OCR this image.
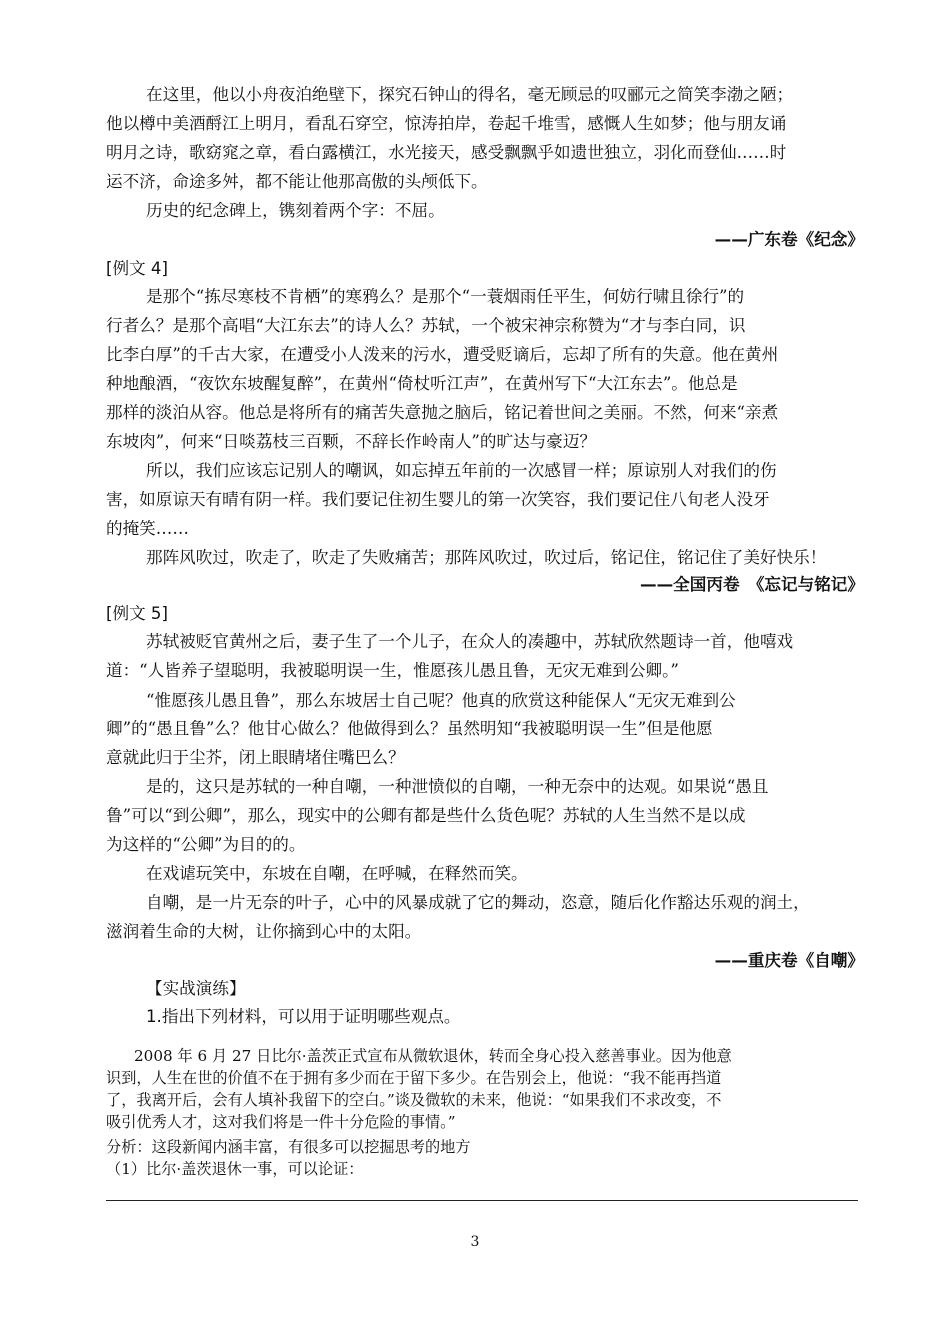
在这里，他以小舟夜泊绝壁下，探究石钟山的得名，毫无顾忌的叹郦元之简笑李渤之陋；
他以樽中美酒酹江上明月，看乱石穿空，惊涛拍岸，卷起千堆雪，感慨人生如梦；他与朋友诵
明月之诗，歌窈窕之章，看白露横江，水光接天，感受飘飘乎如遗世独立，羽化而登仙……时
运不济，命途多舛，都不能让他那高傲的头颅低下。
历史的纪念碑上，镌刻着两个字：不屈。
——广东卷《纪念》
[例文 4]
是那个“拣尽寒枝不肯栖”的寒鸦么？是那个“一蓑烟雨任平生，何妨行啸且徐行”的
行者么？是那个高唱“大江东去”的诗人么？苏轼，一个被宋神宗称赞为“才与李白同，识
比李白厚”的千古大家，在遭受小人泼来的污水，遭受贬谪后，忘却了所有的失意。他在黄州
种地酿酒，“夜饮东坡醒复醉”，在黄州“倚杖听江声”，在黄州写下“大江东去”。他总是
那样的淡泊从容。他总是将所有的痛苦失意抛之脑后，铭记着世间之美丽。不然，何来“亲煮
东坡肉”，何来“日啖荔枝三百颗，不辞长作岭南人”的旷达与豪迈？
所以，我们应该忘记别人的嘲讽，如忘掉五年前的一次感冒一样；原谅别人对我们的伤
害，如原谅天有晴有阴一样。我们要记住初生婴儿的第一次笑容，我们要记住八旬老人没牙
的掩笑……
那阵风吹过，吹走了，吹走了失败痛苦；那阵风吹过，吹过后，铭记住，铭记住了美好快乐！
——全国丙卷　《忘记与铭记》
[例文 5]
苏轼被贬官黄州之后，妻子生了一个儿子，在众人的凑趣中，苏轼欣然题诗一首，他嘻戏
道：“人皆养子望聪明，我被聪明误一生，惟愿孩儿愚且鲁，无灾无难到公卿。”
“惟愿孩儿愚且鲁”，那么东坡居士自己呢？他真的欣赏这种能保人“无灾无难到公
卿”的“愚且鲁”么？他甘心做么？他做得到么？虽然明知“我被聪明误一生”但是他愿
意就此归于尘芥，闭上眼睛堵住嘴巴么？
是的，这只是苏轼的一种自嘲，一种泄愤似的自嘲，一种无奈中的达观。如果说“愚且
鲁”可以“到公卿”，那么，现实中的公卿有都是些什么货色呢？苏轼的人生当然不是以成
为这样的“公卿”为目的的。
在戏谑玩笑中，东坡在自嘲，在呼喊，在释然而笑。
自嘲，是一片无奈的叶子，心中的风暴成就了它的舞动，恣意，随后化作豁达乐观的润土，
滋润着生命的大树，让你摘到心中的太阳。
——重庆卷《自嘲》
【实战演练】
1.指出下列材料，可以用于证明哪些观点。
2008 年 6 月 27 日比尔·盖茨正式宣布从微软退休，转而全身心投入慈善事业。因为他意
识到，人生在世的价值不在于拥有多少而在于留下多少。在告别会上，他说：“我不能再挡道
了，我离开后，会有人填补我留下的空白。”谈及微软的未来，他说：“如果我们不求改变，不
吸引优秀人才，这对我们将是一件十分危险的事情。”
分析：这段新闻内涵丰富，有很多可以挖掘思考的地方
（1）比尔·盖茨退休一事，可以论证：
3
